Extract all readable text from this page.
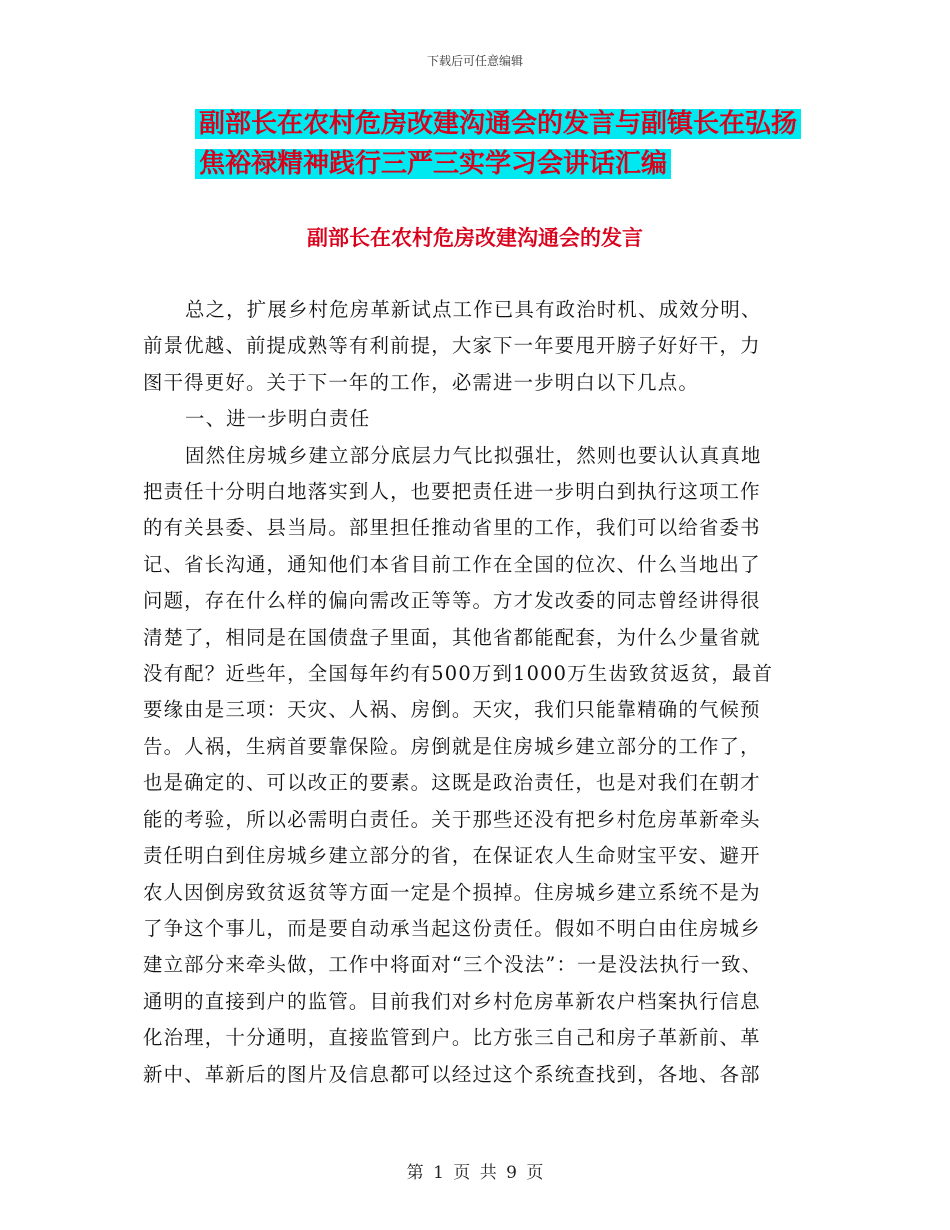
下载后可任意编辑
副部长在农村危房改建沟通会的发言与副镇长在弘扬
焦裕禄精神践行三严三实学习会讲话汇编
副部长在农村危房改建沟通会的发言
总之，扩展乡村危房革新试点工作已具有政治时机、成效分明、
前景优越、前提成熟等有利前提，大家下一年要甩开膀子好好干，力
图干得更好。关于下一年的工作，必需进一步明白以下几点。
一、进一步明白责任
固然住房城乡建立部分底层力气比拟强壮，然则也要认认真真地
把责任十分明白地落实到人，也要把责任进一步明白到执行这项工作
的有关县委、县当局。部里担任推动省里的工作，我们可以给省委书
记、省长沟通，通知他们本省目前工作在全国的位次、什么当地出了
问题，存在什么样的偏向需改正等等。方才发改委的同志曾经讲得很
清楚了，相同是在国债盘子里面，其他省都能配套，为什么少量省就
没有配？近些年，全国每年约有500万到1000万生齿致贫返贫，最首
要缘由是三项：天灾、人祸、房倒。天灾，我们只能靠精确的气候预
告。人祸，生病首要靠保险。房倒就是住房城乡建立部分的工作了，
也是确定的、可以改正的要素。这既是政治责任，也是对我们在朝才
能的考验，所以必需明白责任。关于那些还没有把乡村危房革新牵头
责任明白到住房城乡建立部分的省，在保证农人生命财宝平安、避开
农人因倒房致贫返贫等方面一定是个损掉。住房城乡建立系统不是为
了争这个事儿，而是要自动承当起这份责任。假如不明白由住房城乡
建立部分来牵头做，工作中将面对“三个没法”：一是没法执行一致、
通明的直接到户的监管。目前我们对乡村危房革新农户档案执行信息
化治理，十分通明，直接监管到户。比方张三自己和房子革新前、革
新中、革新后的图片及信息都可以经过这个系统查找到，各地、各部
第 1 页 共 9 页
